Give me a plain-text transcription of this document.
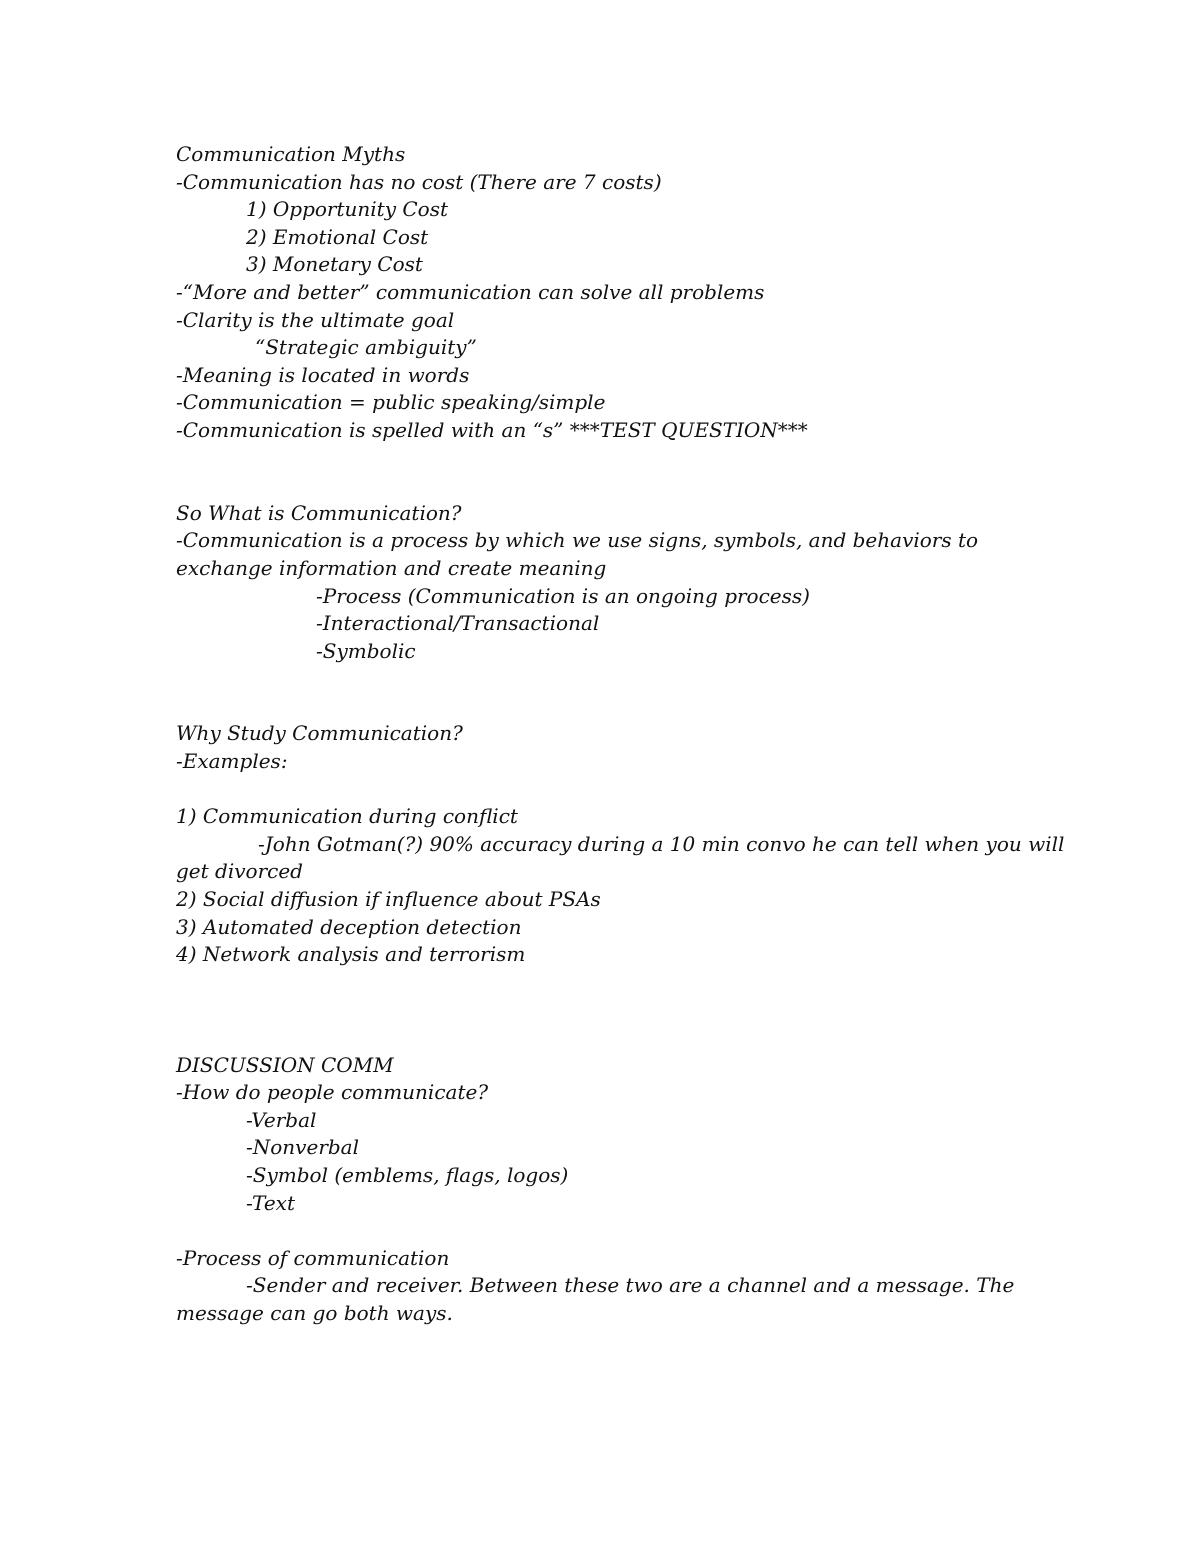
Communication Myths
-Communication has no cost (There are 7 costs)
1) Opportunity Cost
2) Emotional Cost
3) Monetary Cost
-“More and better” communication can solve all problems
-Clarity is the ultimate goal
“Strategic ambiguity”
-Meaning is located in words
-Communication = public speaking/simple
-Communication is spelled with an “s” ***TEST QUESTION***
So What is Communication?
-Communication is a process by which we use signs, symbols, and behaviors to
exchange information and create meaning
-Process (Communication is an ongoing process)
-Interactional/Transactional
-Symbolic
Why Study Communication?
-Examples:
1) Communication during conflict
-John Gotman(?) 90% accuracy during a 10 min convo he can tell when you will
get divorced
2) Social diffusion if influence about PSAs
3) Automated deception detection
4) Network analysis and terrorism
DISCUSSION COMM
-How do people communicate?
-Verbal
-Nonverbal
-Symbol (emblems, flags, logos)
-Text
-Process of communication
-Sender and receiver. Between these two are a channel and a message. The
message can go both ways.
